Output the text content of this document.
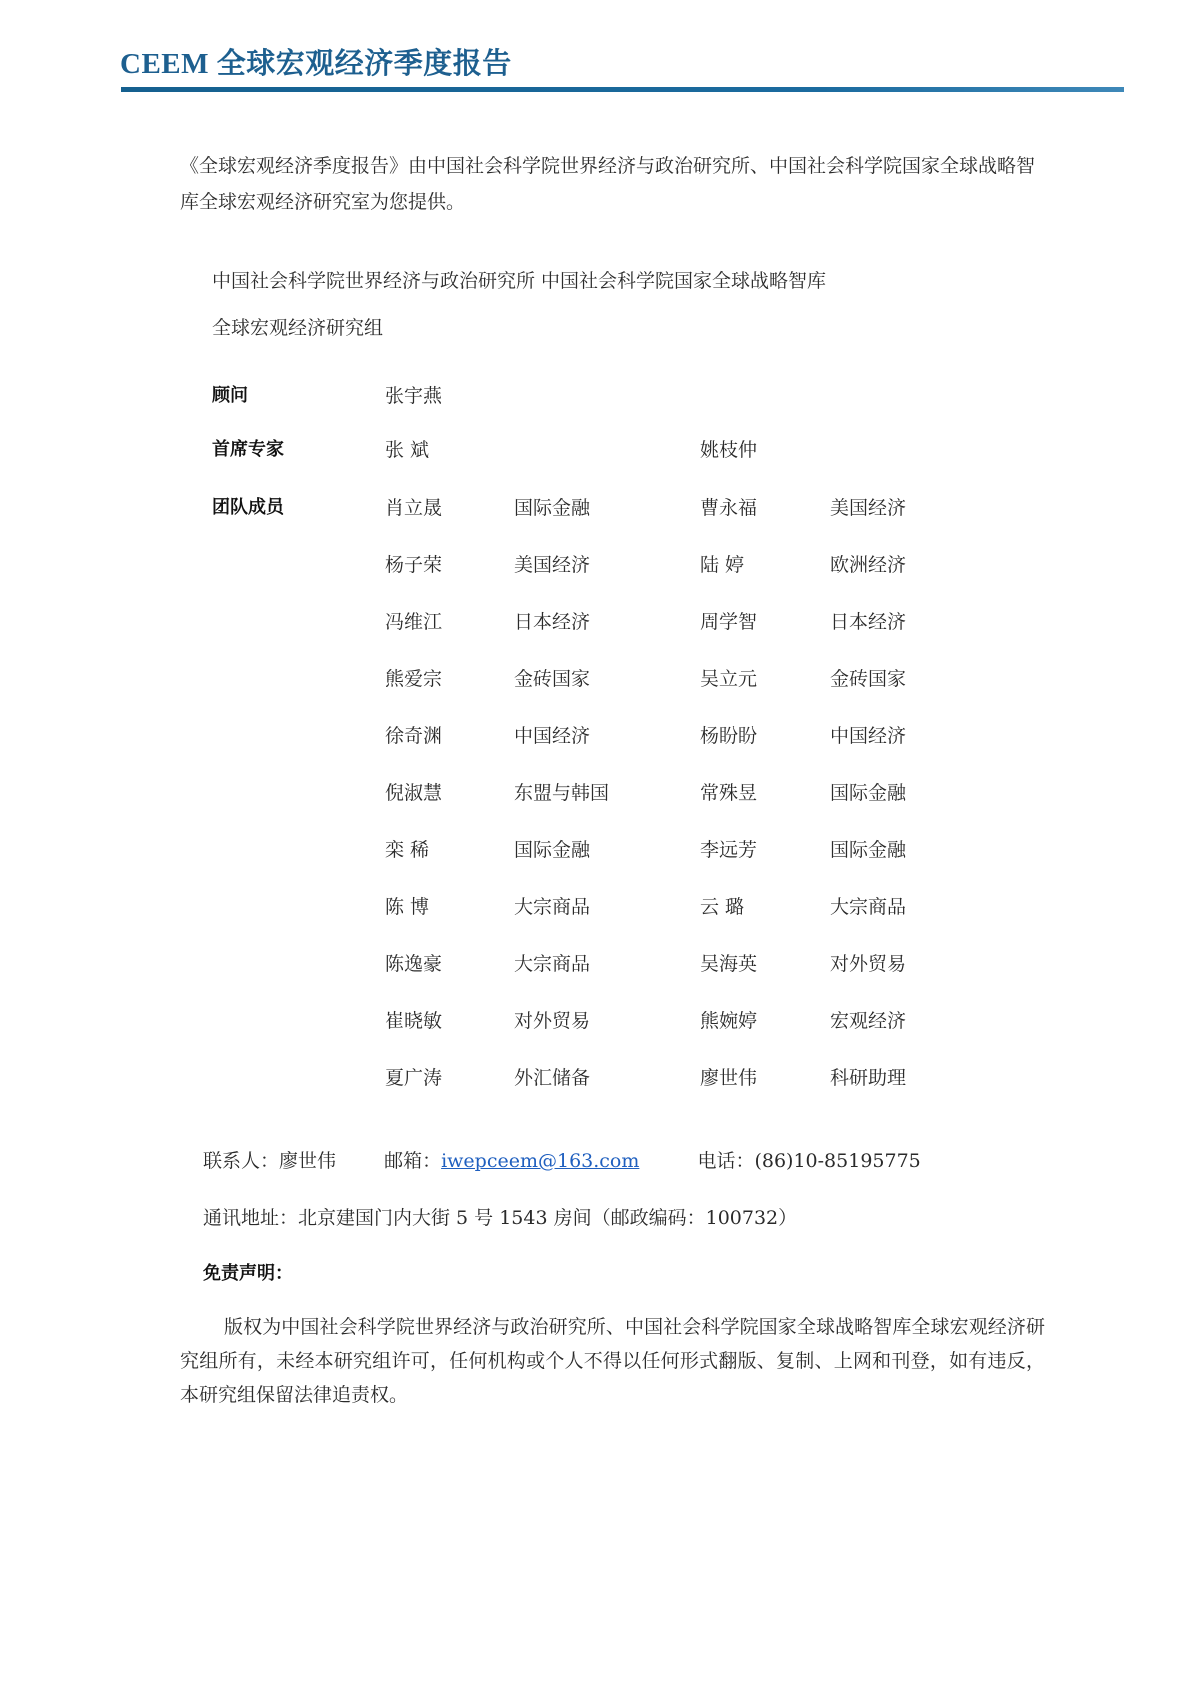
CEEM 全球宏观经济季度报告
《全球宏观经济季度报告》由中国社会科学院世界经济与政治研究所、中国社会科学院国家全球战略智库全球宏观经济研究室为您提供。
中国社会科学院世界经济与政治研究所 中国社会科学院国家全球战略智库
全球宏观经济研究组
顾问	张宇燕
首席专家	张 斌	姚枝仲
团队成员	肖立晟	国际金融	曹永福	美国经济
杨子荣	美国经济	陆 婷	欧洲经济
冯维江	日本经济	周学智	日本经济
熊爱宗	金砖国家	吴立元	金砖国家
徐奇渊	中国经济	杨盼盼	中国经济
倪淑慧	东盟与韩国	常殊昱	国际金融
栾 稀	国际金融	李远芳	国际金融
陈 博	大宗商品	云 璐	大宗商品
陈逸豪	大宗商品	吴海英	对外贸易
崔晓敏	对外贸易	熊婉婷	宏观经济
夏广涛	外汇储备	廖世伟	科研助理
联系人：廖世伟	邮箱：iwepceem@163.com	电话：(86)10-85195775
通讯地址：北京建国门内大街 5 号 1543 房间（邮政编码：100732）
免责声明：
版权为中国社会科学院世界经济与政治研究所、中国社会科学院国家全球战略智库全球宏观经济研究组所有，未经本研究组许可，任何机构或个人不得以任何形式翻版、复制、上网和刊登，如有违反，本研究组保留法律追责权。
